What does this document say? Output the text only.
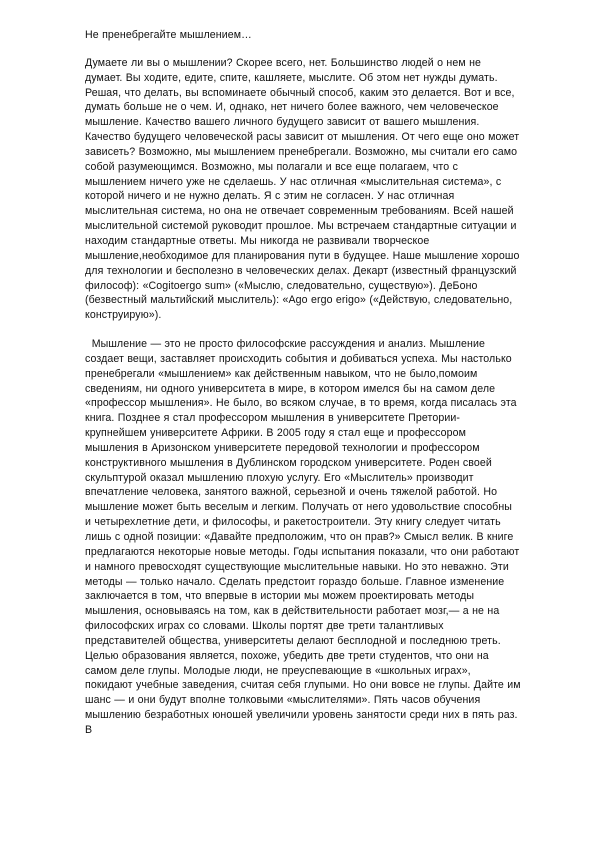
Не пренебрегайте мышлением…

Думаете ли вы о мышлении? Скорее всего, нет. Большинство людей о нем не думает. Вы ходите, едите, спите, кашляете, мыслите. Об этом нет нужды думать. Решая, что делать, вы вспоминаете обычный способ, каким это делается. Вот и все, думать больше не о чем. И, однако, нет ничего более важного, чем человеческое мышление. Качество вашего личного будущего зависит от вашего мышления. Качество будущего человеческой расы зависит от мышления. От чего еще оно может зависеть? Возможно, мы мышлением пренебрегали. Возможно, мы считали его само собой разумеющимся. Возможно, мы полагали и все еще полагаем, что с мышлением ничего уже не сделаешь. У нас отличная «мыслительная система», с которой ничего и не нужно делать. Я с этим не согласен. У нас отличная мыслительная система, но она не отвечает современным требованиям. Всей нашей мыслительной системой руководит прошлое. Мы встречаем стандартные ситуации и находим стандартные ответы. Мы никогда не развивали творческое мышление,необходимое для планирования пути в будущее. Наше мышление хорошо для технологии и бесполезно в человеческих делах. Декарт (известный французский философ): «Cogitoergo sum» («Мыслю, следовательно, существую»). ДеБоно (безвестный мальтийский мыслитель): «Ago ergo erigo» («Действую, следовательно, конструирую»).

Мышление — это не просто философские рассуждения и анализ. Мышление создает вещи, заставляет происходить события и добиваться успеха. Мы настолько пренебрегали «мышлением» как действенным навыком, что не было,помоим сведениям, ни одного университета в мире, в котором имелся бы на самом деле «профессор мышления». Не было, во всяком случае, в то время, когда писалась эта книга. Позднее я стал профессором мышления в университете Претории-крупнейшем университете Африки. В 2005 году я стал еще и профессором мышления в Аризонском университете передовой технологии и профессором конструктивного мышления в Дублинском городском университете. Роден своей скульптурой оказал мышлению плохую услугу. Его «Мыслитель» производит впечатление человека, занятого важной, серьезной и очень тяжелой работой. Но мышление может быть веселым и легким. Получать от него удовольствие способны и четырехлетние дети, и философы, и ракетостроители. Эту книгу следует читать лишь с одной позиции: «Давайте предположим, что он прав?» Смысл велик. В книге предлагаются некоторые новые методы. Годы испытания показали, что они работают и намного превосходят существующие мыслительные навыки. Но это неважно. Эти методы — только начало. Сделать предстоит гораздо больше. Главное изменение заключается в том, что впервые в истории мы можем проектировать методы мышления, основываясь на том, как в действительности работает мозг,— а не на философских играх со словами. Школы портят две трети талантливых представителей общества, университеты делают бесплодной и последнюю треть. Целью образования является, похоже, убедить две трети студентов, что они на самом деле глупы. Молодые люди, не преуспевающие в «школьных играх», покидают учебные заведения, считая себя глупыми. Но они вовсе не глупы. Дайте им шанс — и они будут вполне толковыми «мыслителями». Пять часов обучения мышлению безработных юношей увеличили уровень занятости среди них в пять раз. В
